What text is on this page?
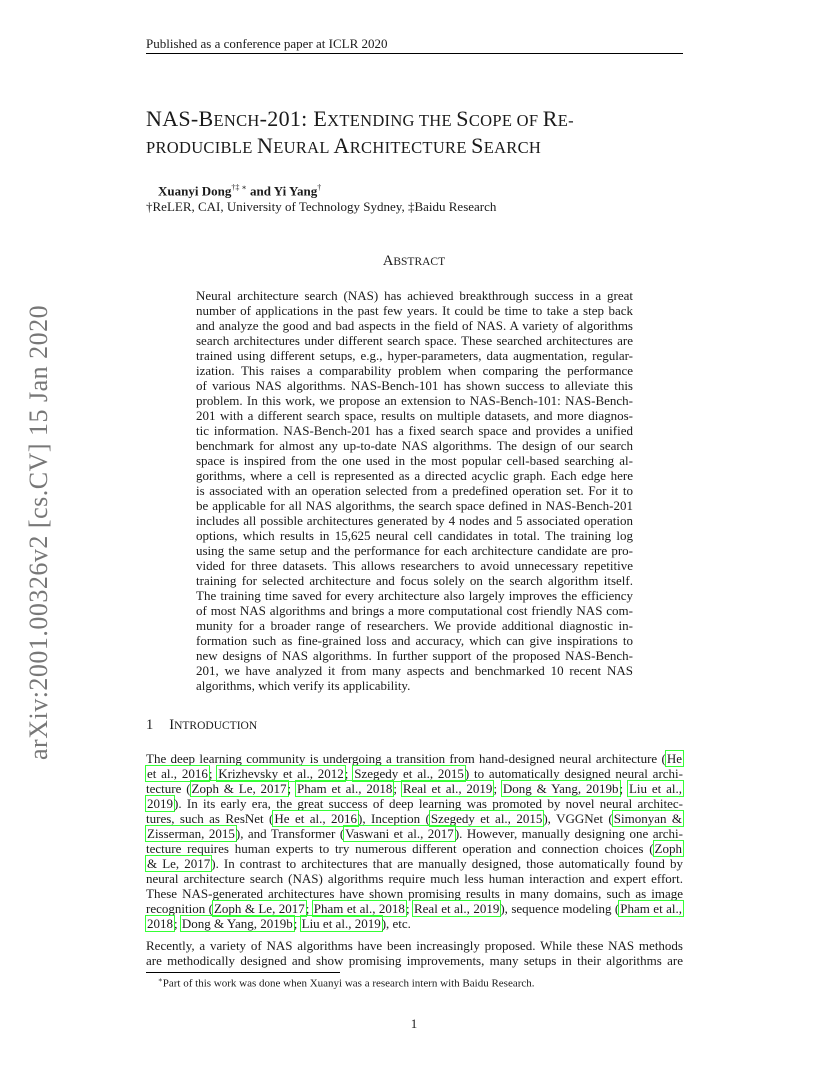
Published as a conference paper at ICLR 2020
arXiv:2001.00326v2 [cs.CV] 15 Jan 2020
NAS-BENCH-201: EXTENDING THE SCOPE OF RE-
PRODUCIBLE NEURAL ARCHITECTURE SEARCH
Xuanyi Dong†‡ ∗ and Yi Yang†
†ReLER, CAI, University of Technology Sydney, ‡Baidu Research
ABSTRACT
Neural architecture search (NAS) has achieved breakthrough success in a great
number of applications in the past few years. It could be time to take a step back
and analyze the good and bad aspects in the field of NAS. A variety of algorithms
search architectures under different search space. These searched architectures are
trained using different setups, e.g., hyper-parameters, data augmentation, regular-
ization. This raises a comparability problem when comparing the performance
of various NAS algorithms. NAS-Bench-101 has shown success to alleviate this
problem. In this work, we propose an extension to NAS-Bench-101: NAS-Bench-
201 with a different search space, results on multiple datasets, and more diagnos-
tic information. NAS-Bench-201 has a fixed search space and provides a unified
benchmark for almost any up-to-date NAS algorithms. The design of our search
space is inspired from the one used in the most popular cell-based searching al-
gorithms, where a cell is represented as a directed acyclic graph. Each edge here
is associated with an operation selected from a predefined operation set. For it to
be applicable for all NAS algorithms, the search space defined in NAS-Bench-201
includes all possible architectures generated by 4 nodes and 5 associated operation
options, which results in 15,625 neural cell candidates in total. The training log
using the same setup and the performance for each architecture candidate are pro-
vided for three datasets. This allows researchers to avoid unnecessary repetitive
training for selected architecture and focus solely on the search algorithm itself.
The training time saved for every architecture also largely improves the efficiency
of most NAS algorithms and brings a more computational cost friendly NAS com-
munity for a broader range of researchers. We provide additional diagnostic in-
formation such as fine-grained loss and accuracy, which can give inspirations to
new designs of NAS algorithms. In further support of the proposed NAS-Bench-
201, we have analyzed it from many aspects and benchmarked 10 recent NAS
algorithms, which verify its applicability.
1 INTRODUCTION
The deep learning community is undergoing a transition from hand-designed neural architecture (He
et al., 2016; Krizhevsky et al., 2012; Szegedy et al., 2015) to automatically designed neural archi-
tecture (Zoph & Le, 2017; Pham et al., 2018; Real et al., 2019; Dong & Yang, 2019b; Liu et al.,
2019). In its early era, the great success of deep learning was promoted by novel neural architec-
tures, such as ResNet (He et al., 2016), Inception (Szegedy et al., 2015), VGGNet (Simonyan &
Zisserman, 2015), and Transformer (Vaswani et al., 2017). However, manually designing one archi-
tecture requires human experts to try numerous different operation and connection choices (Zoph
& Le, 2017). In contrast to architectures that are manually designed, those automatically found by
neural architecture search (NAS) algorithms require much less human interaction and expert effort.
These NAS-generated architectures have shown promising results in many domains, such as image
recognition (Zoph & Le, 2017; Pham et al., 2018; Real et al., 2019), sequence modeling (Pham et al.,
2018; Dong & Yang, 2019b; Liu et al., 2019), etc.
Recently, a variety of NAS algorithms have been increasingly proposed. While these NAS methods
are methodically designed and show promising improvements, many setups in their algorithms are
∗Part of this work was done when Xuanyi was a research intern with Baidu Research.
1
